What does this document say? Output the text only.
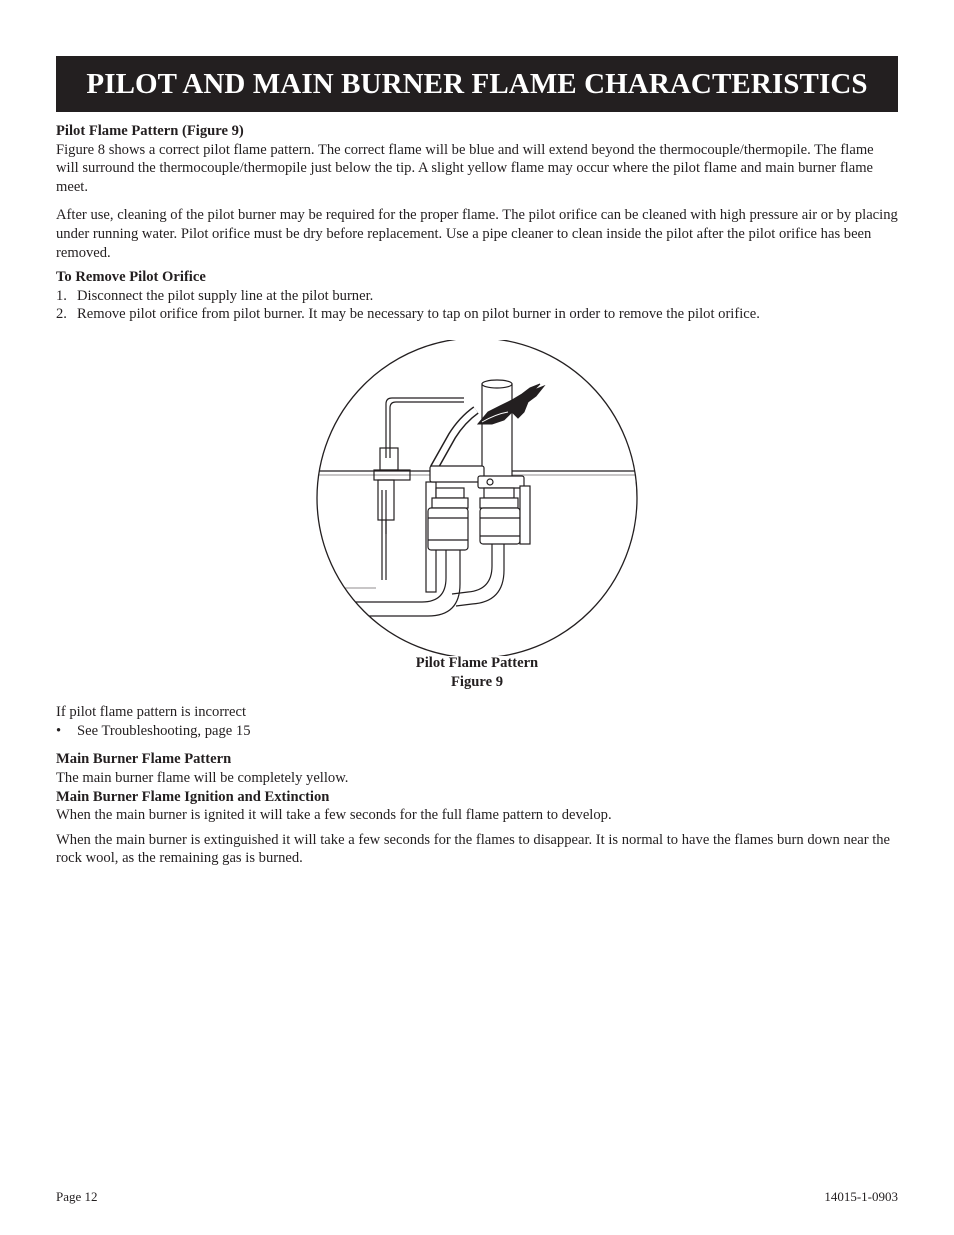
PILOT AND MAIN BURNER FLAME CHARACTERISTICS

Pilot Flame Pattern (Figure 9)

Figure 8 shows a correct pilot flame pattern. The correct flame will be blue and will extend beyond the thermocouple/thermopile. The flame will surround the thermocouple/thermopile just below the tip. A slight yellow flame may occur where the pilot flame and main burner flame meet.

After use, cleaning of the pilot burner may be required for the proper flame. The pilot orifice can be cleaned with high pressure air or by placing under running water. Pilot orifice must be dry before replacement. Use a pipe cleaner to clean inside the pilot after the pilot orifice has been removed.

To Remove Pilot Orifice

1. Disconnect the pilot supply line at the pilot burner.
2. Remove pilot orifice from pilot burner. It may be necessary to tap on pilot burner in order to remove the pilot orifice.

Pilot Flame Pattern

Figure 9

If pilot flame pattern is incorrect

•	See Troubleshooting, page 15

Main Burner Flame Pattern

The main burner flame will be completely yellow.

Main Burner Flame Ignition and Extinction

When the main burner is ignited it will take a few seconds for the full flame pattern to develop.

When the main burner is extinguished it will take a few seconds for the flames to disappear. It is normal to have the flames burn down near the rock wool, as the remaining gas is burned.

Page 12	14015-1-0903
